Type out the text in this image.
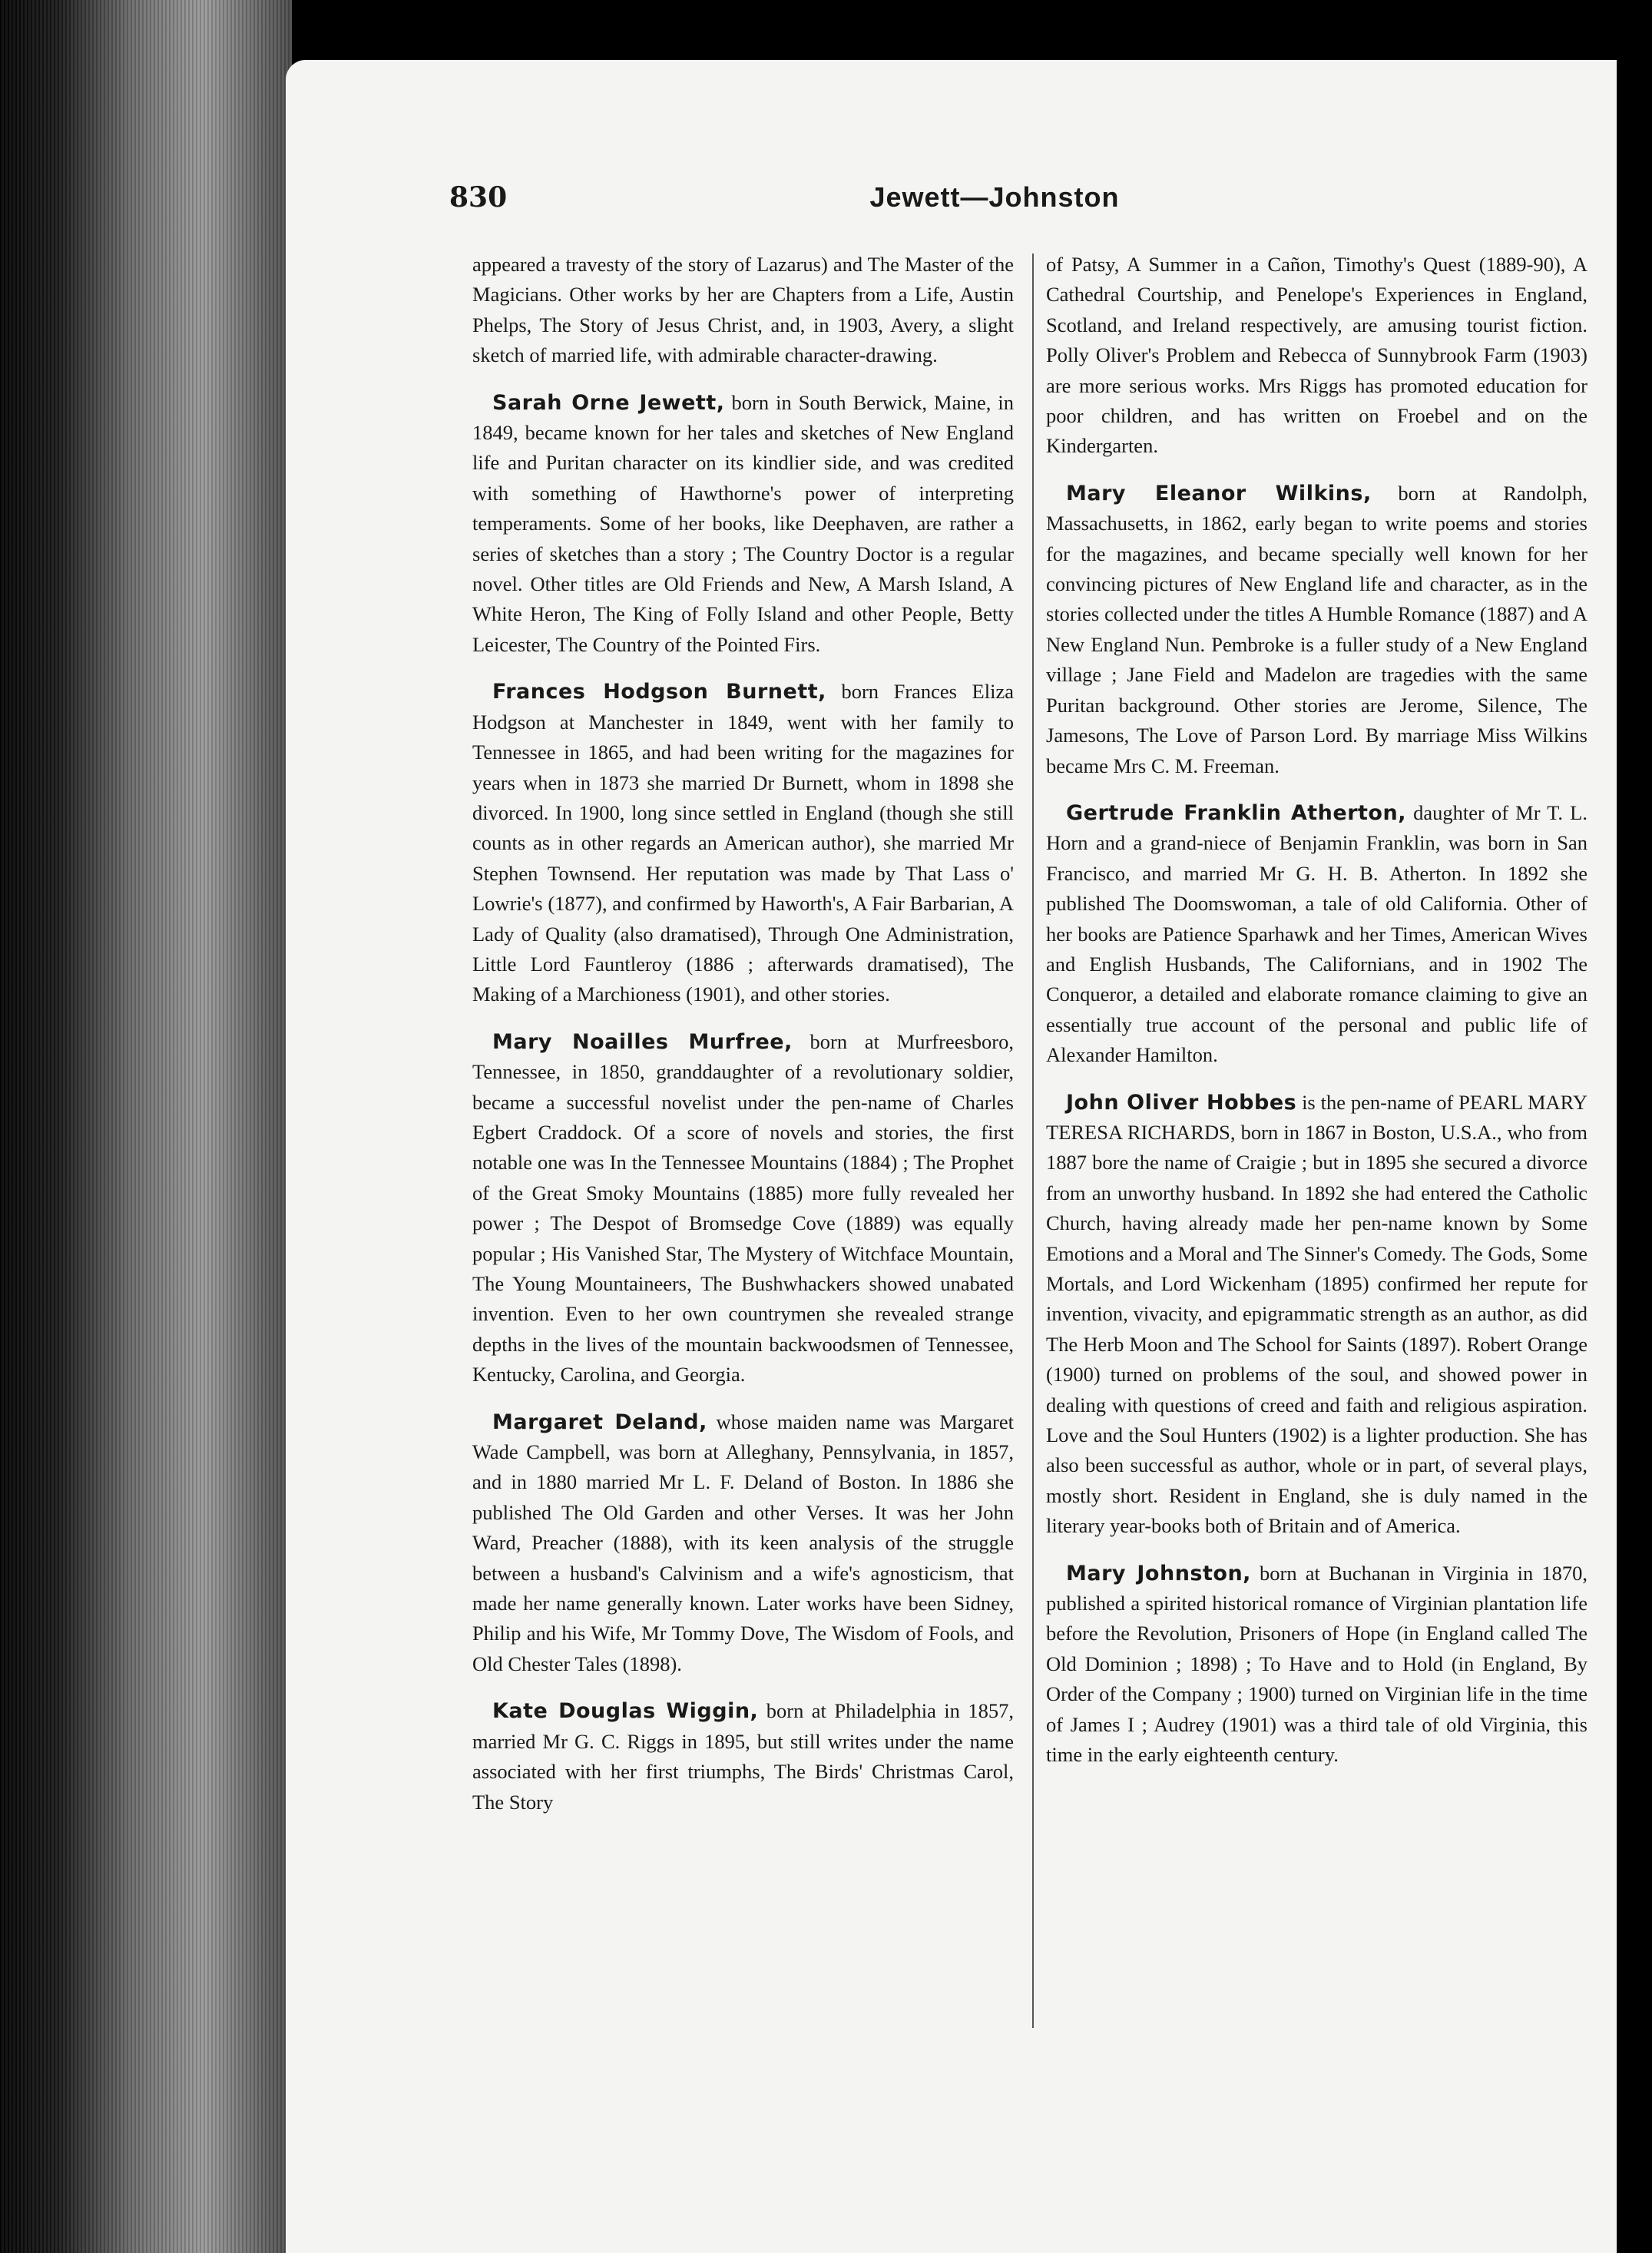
830	Jewett—Johnston

appeared a travesty of the story of Lazarus) and The Master of the Magicians. Other works by her are Chapters from a Life, Austin Phelps, The Story of Jesus Christ, and, in 1903, Avery, a slight sketch of married life, with admirable character-drawing.

Sarah Orne Jewett, born in South Berwick, Maine, in 1849, became known for her tales and sketches of New England life and Puritan character on its kindlier side, and was credited with something of Hawthorne's power of interpreting temperaments. Some of her books, like Deephaven, are rather a series of sketches than a story ; The Country Doctor is a regular novel. Other titles are Old Friends and New, A Marsh Island, A White Heron, The King of Folly Island and other People, Betty Leicester, The Country of the Pointed Firs.

Frances Hodgson Burnett, born Frances Eliza Hodgson at Manchester in 1849, went with her family to Tennessee in 1865, and had been writing for the magazines for years when in 1873 she married Dr Burnett, whom in 1898 she divorced. In 1900, long since settled in England (though she still counts as in other regards an American author), she married Mr Stephen Townsend. Her reputation was made by That Lass o' Lowrie's (1877), and confirmed by Haworth's, A Fair Barbarian, A Lady of Quality (also dramatised), Through One Administration, Little Lord Fauntleroy (1886 ; afterwards dramatised), The Making of a Marchioness (1901), and other stories.

Mary Noailles Murfree, born at Murfreesboro, Tennessee, in 1850, granddaughter of a revolutionary soldier, became a successful novelist under the pen-name of Charles Egbert Craddock. Of a score of novels and stories, the first notable one was In the Tennessee Mountains (1884) ; The Prophet of the Great Smoky Mountains (1885) more fully revealed her power ; The Despot of Bromsedge Cove (1889) was equally popular ; His Vanished Star, The Mystery of Witchface Mountain, The Young Mountaineers, The Bushwhackers showed unabated invention. Even to her own countrymen she revealed strange depths in the lives of the mountain backwoodsmen of Tennessee, Kentucky, Carolina, and Georgia.

Margaret Deland, whose maiden name was Margaret Wade Campbell, was born at Alleghany, Pennsylvania, in 1857, and in 1880 married Mr L. F. Deland of Boston. In 1886 she published The Old Garden and other Verses. It was her John Ward, Preacher (1888), with its keen analysis of the struggle between a husband's Calvinism and a wife's agnosticism, that made her name generally known. Later works have been Sidney, Philip and his Wife, Mr Tommy Dove, The Wisdom of Fools, and Old Chester Tales (1898).

Kate Douglas Wiggin, born at Philadelphia in 1857, married Mr G. C. Riggs in 1895, but still writes under the name associated with her first triumphs, The Birds' Christmas Carol, The Story

of Patsy, A Summer in a Cañon, Timothy's Quest (1889-90), A Cathedral Courtship, and Penelope's Experiences in England, Scotland, and Ireland respectively, are amusing tourist fiction. Polly Oliver's Problem and Rebecca of Sunnybrook Farm (1903) are more serious works. Mrs Riggs has promoted education for poor children, and has written on Froebel and on the Kindergarten.

Mary Eleanor Wilkins, born at Randolph, Massachusetts, in 1862, early began to write poems and stories for the magazines, and became specially well known for her convincing pictures of New England life and character, as in the stories collected under the titles A Humble Romance (1887) and A New England Nun. Pembroke is a fuller study of a New England village ; Jane Field and Madelon are tragedies with the same Puritan background. Other stories are Jerome, Silence, The Jamesons, The Love of Parson Lord. By marriage Miss Wilkins became Mrs C. M. Freeman.

Gertrude Franklin Atherton, daughter of Mr T. L. Horn and a grand-niece of Benjamin Franklin, was born in San Francisco, and married Mr G. H. B. Atherton. In 1892 she published The Doomswoman, a tale of old California. Other of her books are Patience Sparhawk and her Times, American Wives and English Husbands, The Californians, and in 1902 The Conqueror, a detailed and elaborate romance claiming to give an essentially true account of the personal and public life of Alexander Hamilton.

John Oliver Hobbes is the pen-name of PEARL MARY TERESA RICHARDS, born in 1867 in Boston, U.S.A., who from 1887 bore the name of Craigie ; but in 1895 she secured a divorce from an unworthy husband. In 1892 she had entered the Catholic Church, having already made her pen-name known by Some Emotions and a Moral and The Sinner's Comedy. The Gods, Some Mortals, and Lord Wickenham (1895) confirmed her repute for invention, vivacity, and epigrammatic strength as an author, as did The Herb Moon and The School for Saints (1897). Robert Orange (1900) turned on problems of the soul, and showed power in dealing with questions of creed and faith and religious aspiration. Love and the Soul Hunters (1902) is a lighter production. She has also been successful as author, whole or in part, of several plays, mostly short. Resident in England, she is duly named in the literary year-books both of Britain and of America.

Mary Johnston, born at Buchanan in Virginia in 1870, published a spirited historical romance of Virginian plantation life before the Revolution, Prisoners of Hope (in England called The Old Dominion ; 1898) ; To Have and to Hold (in England, By Order of the Company ; 1900) turned on Virginian life in the time of James I ; Audrey (1901) was a third tale of old Virginia, this time in the early eighteenth century.
